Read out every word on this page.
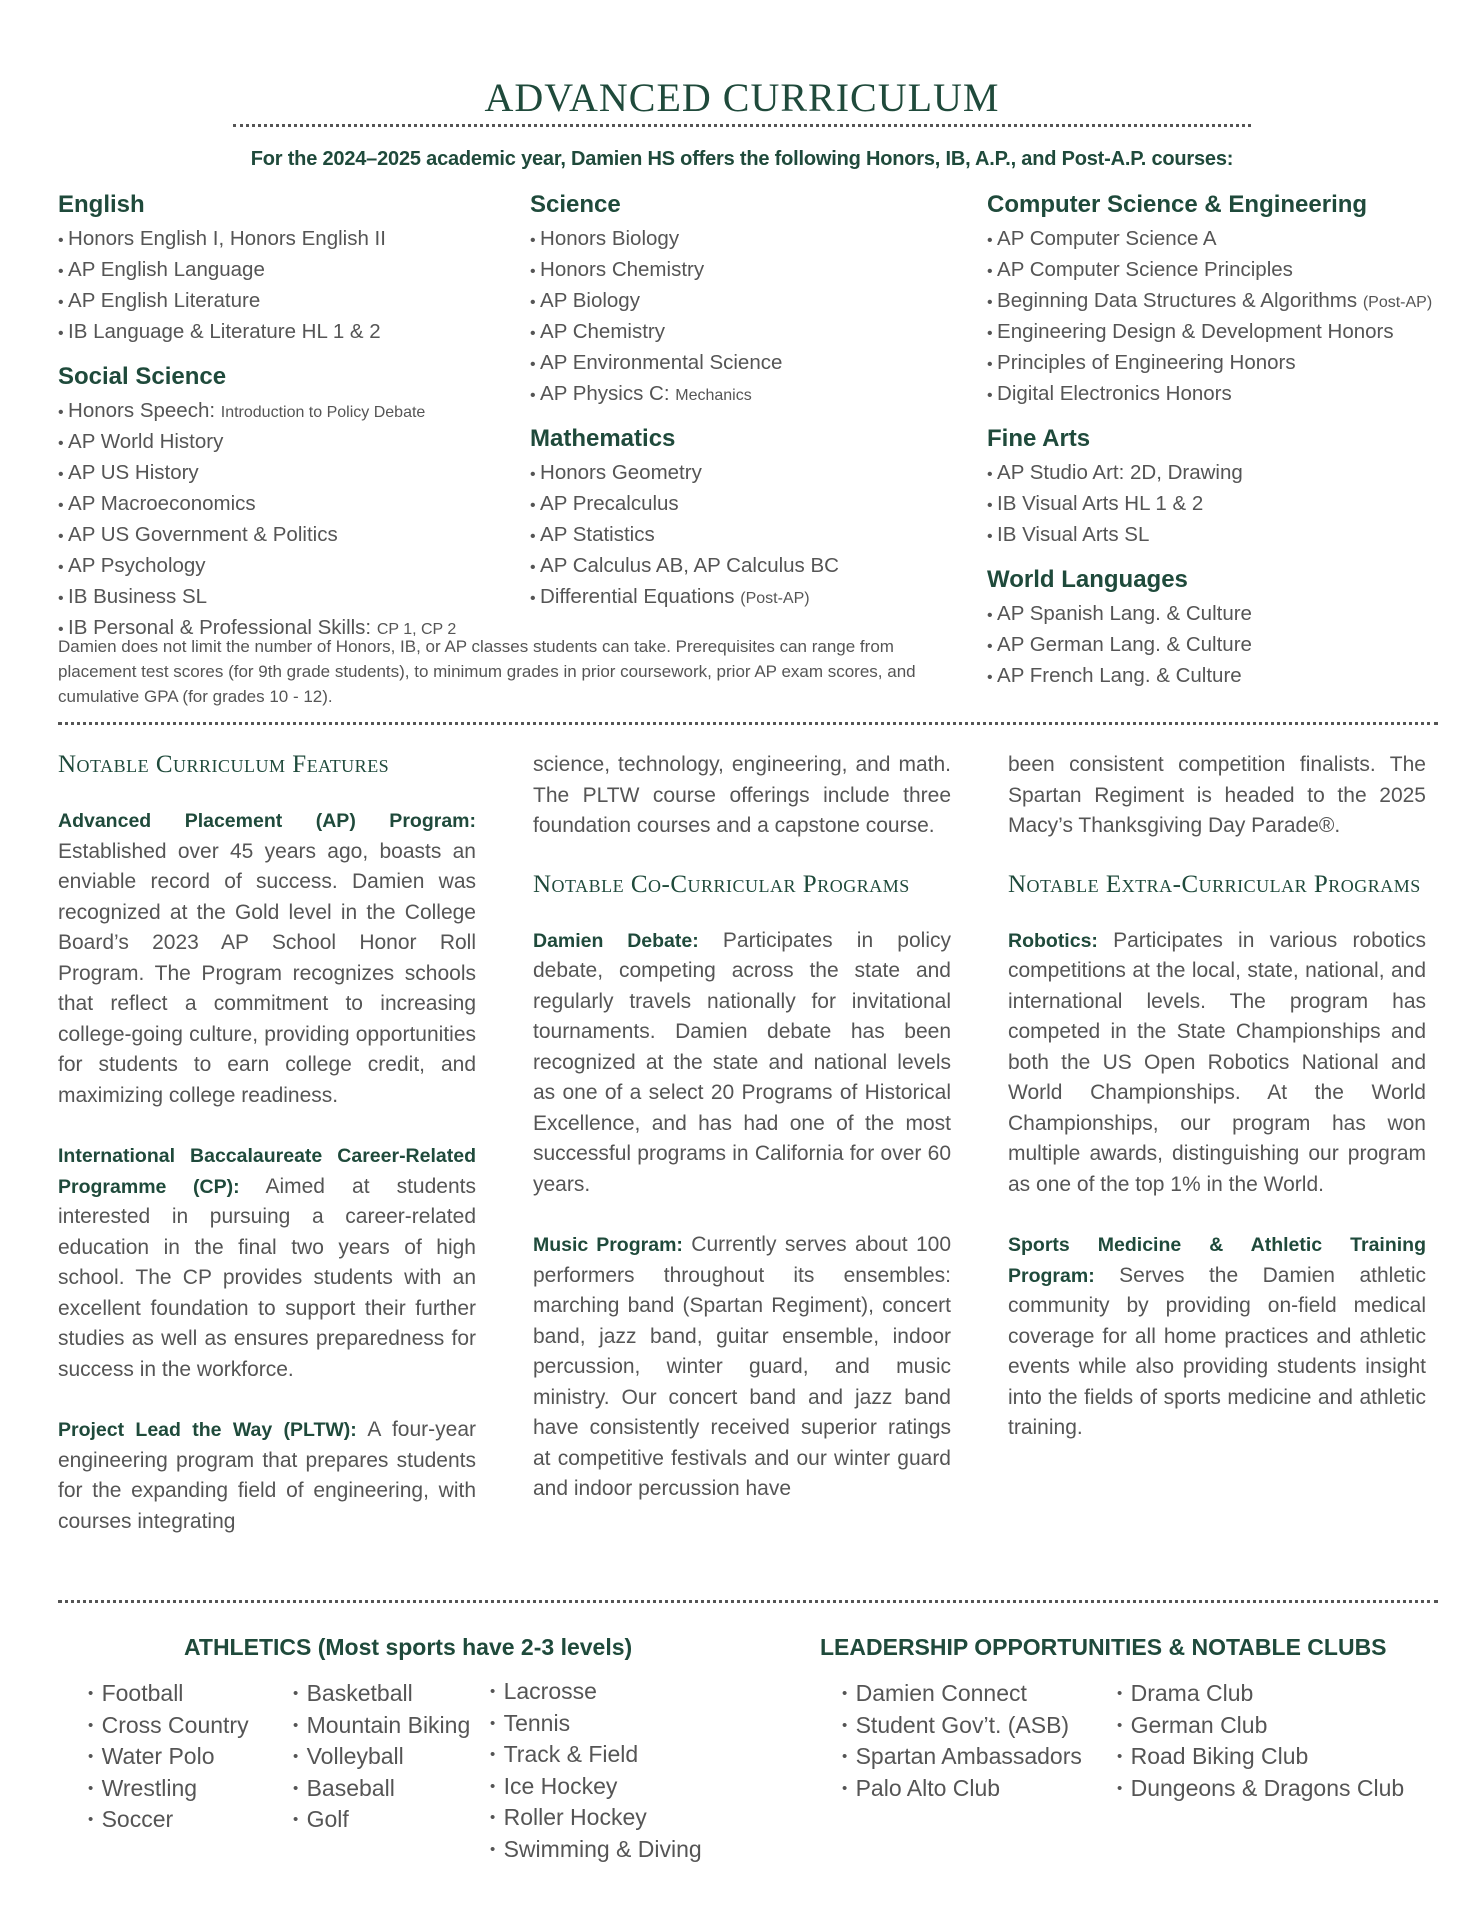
ADVANCED CURRICULUM
For the 2024–2025 academic year, Damien HS offers the following Honors, IB, A.P., and Post-A.P. courses:
English
• Honors English I, Honors English II
• AP English Language
• AP English Literature
• IB Language & Literature HL 1 & 2
Social Science
• Honors Speech: Introduction to Policy Debate
• AP World History
• AP US History
• AP Macroeconomics
• AP US Government & Politics
• AP Psychology
• IB Business SL
• IB Personal & Professional Skills: CP 1, CP 2
Damien does not limit the number of Honors, IB, or AP classes students can take. Prerequisites can range from placement test scores (for 9th grade students), to minimum grades in prior coursework, prior AP exam scores, and cumulative GPA (for grades 10 - 12).
Science
• Honors Biology
• Honors Chemistry
• AP Biology
• AP Chemistry
• AP Environmental Science
• AP Physics C: Mechanics
Mathematics
• Honors Geometry
• AP Precalculus
• AP Statistics
• AP Calculus AB, AP Calculus BC
• Differential Equations (Post-AP)
Computer Science & Engineering
• AP Computer Science A
• AP Computer Science Principles
• Beginning Data Structures & Algorithms (Post-AP)
• Engineering Design & Development Honors
• Principles of Engineering Honors
• Digital Electronics Honors
Fine Arts
• AP Studio Art: 2D, Drawing
• IB Visual Arts HL 1 & 2
• IB Visual Arts SL
World Languages
• AP Spanish Lang. & Culture
• AP German Lang. & Culture
• AP French Lang. & Culture
Notable Curriculum Features

Advanced Placement (AP) Program: Established over 45 years ago, boasts an enviable record of success. Damien was recognized at the Gold level in the College Board’s 2023 AP School Honor Roll Program. The Program recognizes schools that reflect a commitment to increasing college-going culture, providing opportunities for students to earn college credit, and maximizing college readiness.

International Baccalaureate Career-Related Programme (CP): Aimed at students interested in pursuing a career-related education in the final two years of high school. The CP provides students with an excellent foundation to support their further studies as well as ensures preparedness for success in the workforce.

Project Lead the Way (PLTW): A four-year engineering program that prepares students for the expanding field of engineering, with courses integrating

science, technology, engineering, and math. The PLTW course offerings include three foundation courses and a capstone course.

Notable Co-Curricular Programs

Damien Debate: Participates in policy debate, competing across the state and regularly travels nationally for invitational tournaments. Damien debate has been recognized at the state and national levels as one of a select 20 Programs of Historical Excellence, and has had one of the most successful programs in California for over 60 years.

Music Program: Currently serves about 100 performers throughout its ensembles: marching band (Spartan Regiment), concert band, jazz band, guitar ensemble, indoor percussion, winter guard, and music ministry. Our concert band and jazz band have consistently received superior ratings at competitive festivals and our winter guard and indoor percussion have

been consistent competition finalists. The Spartan Regiment is headed to the 2025 Macy’s Thanksgiving Day Parade®.

Notable Extra-Curricular Programs

Robotics: Participates in various robotics competitions at the local, state, national, and international levels. The program has competed in the State Championships and both the US Open Robotics National and World Championships. At the World Championships, our program has won multiple awards, distinguishing our program as one of the top 1% in the World.

Sports Medicine & Athletic Training Program: Serves the Damien athletic community by providing on-field medical coverage for all home practices and athletic events while also providing students insight into the fields of sports medicine and athletic training.

ATHLETICS (Most sports have 2-3 levels)
•  Football
•  Cross Country
•  Water Polo
•  Wrestling
•  Soccer
•  Basketball
•  Mountain Biking
•  Volleyball
•  Baseball
•  Golf
•  Lacrosse
•  Tennis
•  Track & Field
•  Ice Hockey
•  Roller Hockey
•  Swimming & Diving
LEADERSHIP OPPORTUNITIES & NOTABLE CLUBS
•  Damien Connect
•  Student Gov’t. (ASB)
•  Spartan Ambassadors
•  Palo Alto Club
•  Drama Club
•  German Club
•  Road Biking Club
•  Dungeons & Dragons Club
